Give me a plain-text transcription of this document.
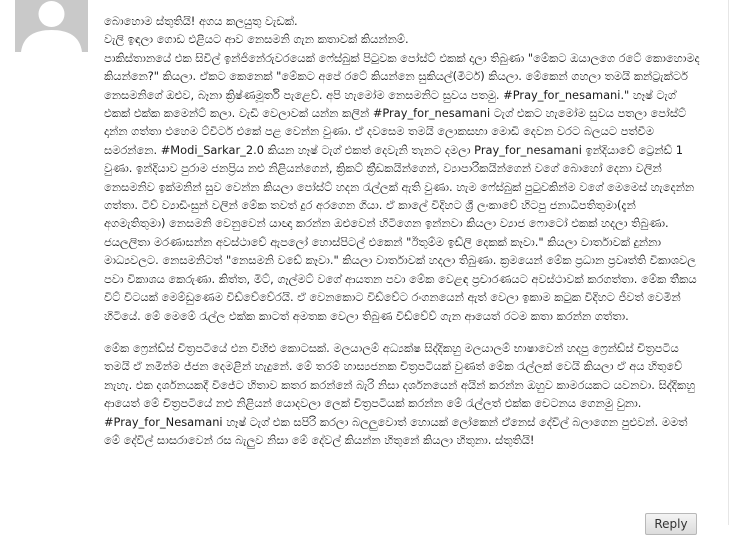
බොහොම ස්තුතියි! අගය කලයුතු වැඩක්.

වැලි ඉඳලා ගොඩ එළියට ආව නෙසමනි ගැන කතාවක් කියන්නම්.

පාකිස්තානයේ එක සිවිල් ඉන්ජිනේරුවරයෙක් ෆේස්බුක් පිටුවක පෝස්ට් එකක් දාලා තිබුණා "මේකට ඔයාලගෙ රටේ කොහොමද කියන්නෙ?" කියලා. ඒකට කෙනෙක් "මේකට අපේ රටේ කියන්නෙ සුකියල්(මීටර්) කියලා. මේකෙන් ගහලා තමයි කන්ට්‍රැක්ටර් නෙසමනිගේ ඔළුව, බෑනා ක්‍රිෂ්ණමූර්ති පැළෙව්. අපි හැමෝම නෙසමනිට සුවය පතමු. #Pray_for_nesamani." හෑෂ් ටැග් එකක් එක්ක කමෙන්ට් කලා. වැඩි වෙලාවක් යන්න කලින් #Pray_for_nesamani ටැග් එකට හැමෝම සුවය පතලා පෝස්ට් දාන්න ගත්තා එහෙම ට්විටර් එකේ පළ වෙන්න වුණා. ඒ දවසෙම තමයි ලොකසභා මොඩි දෙවන වරට බලයට පත්වීම සමරන්නෙ. #Modi_Sarkar_2.0 කියන හෑෂ් ටැග් එකත් දෙවැනි තැනට දමලා Pray_for_nesamani ඉන්දියාවේ ට්‍රෙන්ඩ් 1 වුණා. ඉන්දියාව පුරාම ජනප්‍රිය නළු නිළියන්ගෙන්, ක්‍රිකට් ක්‍රීඩකයින්ගෙන්, ව්‍යාපාරිකයින්ගෙන් වගේ බොහෝ දෙනා වලින් නෙසමනිව ඉක්මනින් සුව වෙන්න කියලා පෝස්ට් හදන රැල්ලක් ඇති වුණා. හැම ෆේස්බුක් පුටුවකින්ම වගේ මෙමෙස් හැදෙන්න ගත්තා. ටිව් ව්‍යාඩිංසුන් වලින් මේක තවත් දුර අරගෙන ගියා. ඒ කාලේ විදිහට ශ්‍රී ලංකාවේ හිටපු ජනාධිපතිතුමා(දැන් අගමැතිතුමා) නෙසමනි වෙනුවෙන් යාඥා කරන්න ඔළුවෙන් හිටිගෙන ඉන්නවා කියලා ව්‍යාජ ෆොටෝ එකක් හදලා තිබුණා. ජයලලිතා මරණාසන්න අවස්ථාවේ ඇපලෝ හොස්පිටල් එකෙන් "ඊතුම්ම ඉඩ්ලි දෙකක් කෑවා." කියලා වාර්තාවක් දුන්නා මාධ්‍යවලට. නෙසමනිටත් "නෙසමනි වඩේ කෑවා." කියලා වාර්තාවක් හදලා තිබුණා. ක්‍රමයෙන් මේක ප්‍රධාන ප්‍රවෘත්ති විකාශවල පවා විකාශය කෙරුණා. කිත්ත, මිට්, ගෑල්මට් වගේ ආයතන පවා මේක වෙළඳ ප්‍රචාරණයට අවස්ථාවක් කරගත්තා. මේක තීකය විට් විටයක් මෙම්ඩුණෙම විඩ්වේවේරයි. ඒ වෙනකොට විඩ්වේට රංගනයෙන් ඇත් වෙලා ඉකාම කටුක විදිහට ජීවත් වෙමින් හිටියේ. මේ මෙමේ රැල්ල එක්ක කාටත් අමතක වෙලා තිබුණ විඩ්වේව් ගැන ආයෙත් රටම කතා කරන්න ගත්තා.

මේක ෆ්‍රෙන්ඩ්ස් චිත්‍රපටියේ එන විහිළු කොටසක්. මලයාලම් අධ්‍යක්ෂ සිද්දිකහු මලයාලම් භාෂාවෙන් හදපු ෆ්‍රෙන්ඩ්ස් චිත්‍රපටිය තමයි ඒ නමින්ම ජ්ජන දෙමළින් හැදුනේ. මේ තරම් හාස්‍යජනක චිත්‍රපටියක් වුණත් මේක රැල්ලක් වෙයි කියලා ඒ අය හිතුවේ නැහැ. එක දර්ශනයකදී විජේට හිතාව කතර කරන්නේ බැරි නිසා දර්ශනයෙන් අයින් කරන්න ඔහුව කාමරයකට යවනවා. සිද්දිකහු ආයෙත් මේ චිත්‍රපටියේ නළු නිළියන් යොදවලා ලෙක් චිත්‍රපටියක් කරන්න මේ රැල්ලත් එක්ක චෙටනය ගෙනමු වුනා. #Pray_for_Nesamani හෑෂ් ටැග් එක සපිරි කරලා බලලුවොත් හොයක් ලෝකෙන් ඒනෙස් දේවිල් බලාගෙන පුළුවන්. මමත් මේ දේවිල් සාසරාවෙන් රස බැලුව නිසා මේ දේවල් කියන්න හිතුනේ කියලා හිතුනා. ස්තුතියි!

Reply
